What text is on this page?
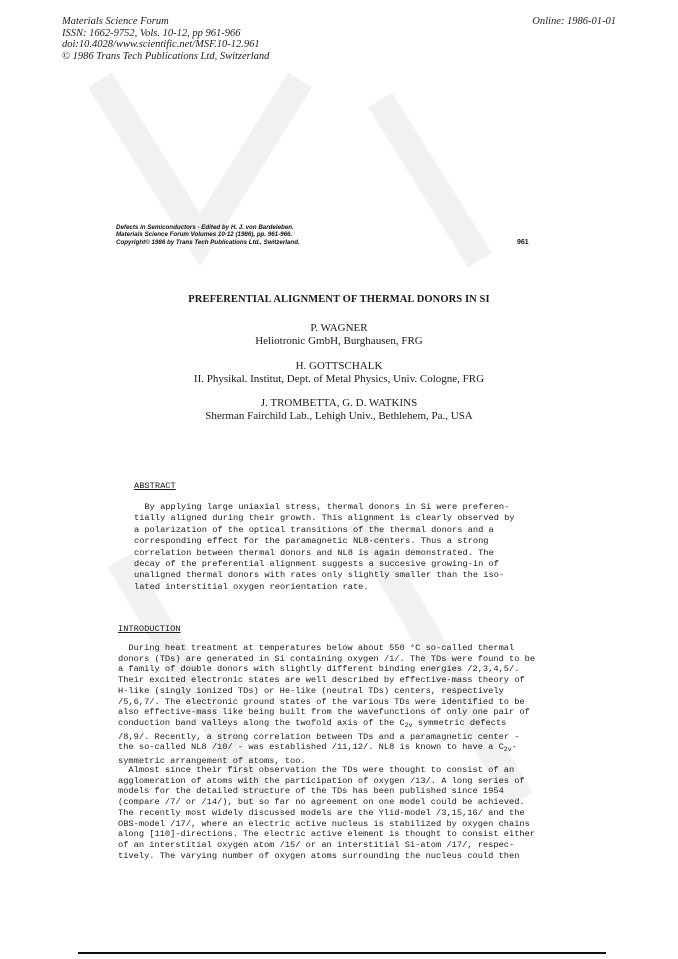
Materials Science Forum
ISSN: 1662-9752, Vols. 10-12, pp 961-966
doi:10.4028/www.scientific.net/MSF.10-12.961
© 1986 Trans Tech Publications Ltd, Switzerland
Online: 1986-01-01
Defects in Semiconductors - Edited by H. J. von Bardeleben.
Materials Science Forum Volumes 10-12 (1986), pp. 961-966.
Copyright© 1986 by Trans Tech Publications Ltd., Switzerland.	961
PREFERENTIAL ALIGNMENT OF THERMAL DONORS IN SI
P. WAGNER
Heliotronic GmbH, Burghausen, FRG
H. GOTTSCHALK
II. Physikal. Institut, Dept. of Metal Physics, Univ. Cologne, FRG
J. TROMBETTA, G. D. WATKINS
Sherman Fairchild Lab., Lehigh Univ., Bethlehem, Pa., USA
ABSTRACT
By applying large uniaxial stress, thermal donors in Si were preferen-
tially aligned during their growth. This alignment is clearly observed by
a polarization of the optical transitions of the thermal donors and a
corresponding effect for the paramagnetic NL8-centers. Thus a strong
correlation between thermal donors and NL8 is again demonstrated. The
decay of the preferential alignment suggests a succesive growing-in of
unaligned thermal donors with rates only slightly smaller than the iso-
lated interstitial oxygen reorientation rate.
INTRODUCTION
During heat treatment at temperatures below about 550 °C so-called thermal
donors (TDs) are generated in Si containing oxygen /1/. The TDs were found to be
a family of double donors with slightly different binding energies /2,3,4,5/.
Their excited electronic states are well described by effective-mass theory of
H-like (singly ionized TDs) or He-like (neutral TDs) centers, respectively
/5,6,7/. The electronic ground states of the various TDs were identified to be
also effective-mass like being built from the wavefunctions of only one pair of
conduction band valleys along the twofold axis of the $C_{2v}$ symmetric defects
/8,9/. Recently, a strong correlation between TDs and a paramagnetic center -
the so-called NL8 /10/ - was established /11,12/. NL8 is known to have a $C_{2v}-$
symmetric arrangement of atoms, too.
Almost since their first observation the TDs were thought to consist of an
agglomeration of atoms with the participation of oxygen /13/. A long series of
models for the detailed structure of the TDs has been published since 1954
(compare /7/ or /14/), but so far no agreement on one model could be achieved.
The recently most widely discussed models are the Ylid-model /3,15,16/ and the
OBS-model /17/, where an electric active nucleus is stabilized by oxygen chains
along [110]-directions. The electric active element is thought to consist either
of an interstitial oxygen atom /15/ or an interstitial Si-atom /17/, respec-
tively. The varying number of oxygen atoms surrounding the nucleus could then
